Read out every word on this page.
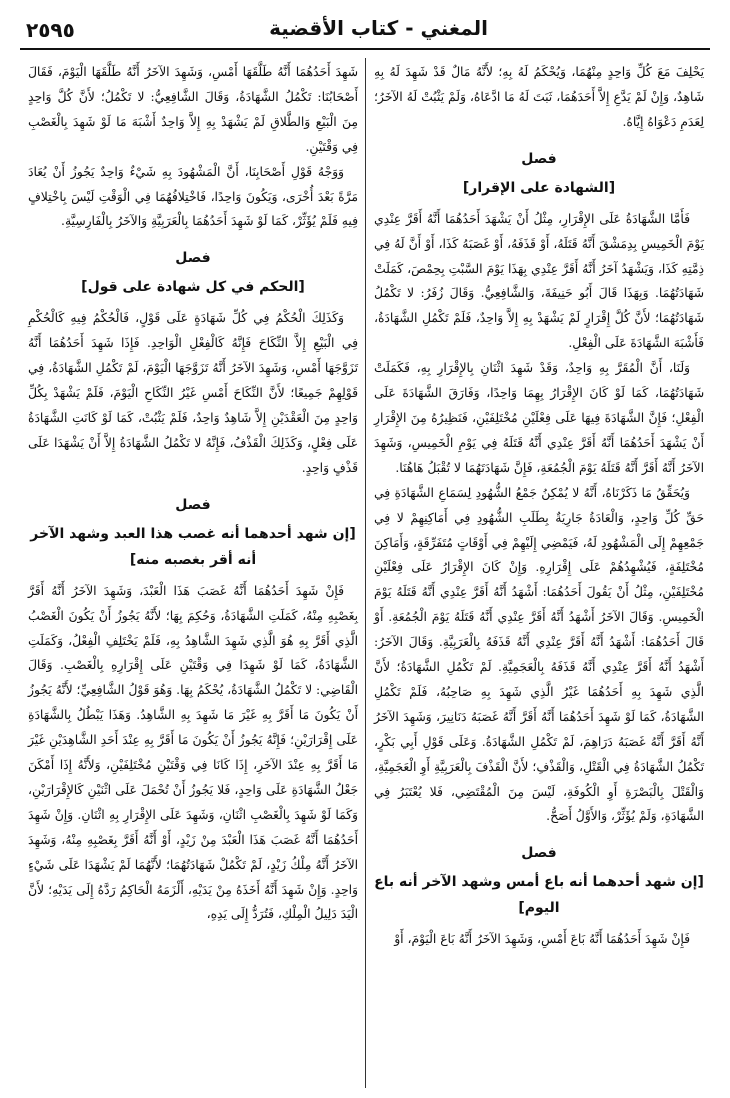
المغني - كتاب الأقضية
٢٥٩٥

يَحْلِفَ مَعَ كُلِّ وَاحِدٍ مِنْهُمَا، وَيُحْكَمُ لَهُ بِهِ؛ لأَنَّهُ مَالٌ قَدْ شَهِدَ لَهُ بِهِ شَاهِدٌ، وَإِنْ لَمْ يَدَّعِ إِلاَّ أَحَدَهُمَا، ثَبَتَ لَهُ مَا ادَّعَاهُ، وَلَمْ يَثْبُتْ لَهُ الآخَرُ؛ لِعَدَمِ دَعْوَاهُ إِيَّاهُ.

فصل
[الشهادة على الإقرار]

فَأَمَّا الشَّهَادَةُ عَلَى الإِقْرَارِ، مِثْلُ أَنْ يَشْهَدَ أَحَدُهُمَا أَنَّهُ أَقَرَّ عِنْدِي يَوْمَ الْخَمِيسِ بِدِمَشْقَ أَنَّهُ قَتَلَهُ، أَوْ قَذَفَهُ، أَوْ غَصَبَهُ كَذَا، أَوْ أَنَّ لَهُ فِي ذِمَّتِهِ كَذَا، وَيَشْهَدُ آخَرُ أَنَّهُ أَقَرَّ عِنْدِي بِهَذَا يَوْمَ السَّبْتِ بِحِمْصَ، كَمَلَتْ شَهَادَتُهُمَا. وَبِهَذَا قَالَ أَبُو حَنِيفَةَ، وَالشَّافِعِيُّ. وَقَالَ زُفَرُ: لا تَكْمُلُ شَهَادَتُهُمَا؛ لأَنَّ كُلَّ إِقْرَارٍ لَمْ يَشْهَدْ بِهِ إِلاَّ وَاحِدٌ، فَلَمْ تَكْمُلِ الشَّهَادَةُ، فَأَشْبَهَ الشَّهَادَةَ عَلَى الْفِعْلِ.

وَلَنَا، أَنَّ الْمُقَرَّ بِهِ وَاحِدٌ، وَقَدْ شَهِدَ اثْنَانِ بِالإِقْرَارِ بِهِ، فَكَمَلَتْ شَهَادَتُهُمَا، كَمَا لَوْ كَانَ الإِقْرَارُ بِهِمَا وَاحِدًا، وَفَارَقَ الشَّهَادَةَ عَلَى الْفِعْلِ؛ فَإِنَّ الشَّهَادَةَ فِيهَا عَلَى فِعْلَيْنِ مُخْتَلِفَيْنِ، فَنَظِيرُهُ مِنَ الإِقْرَارِ أَنْ يَشْهَدَ أَحَدُهُمَا أَنَّهُ أَقَرَّ عِنْدِي أَنَّهُ قَتَلَهُ فِي يَوْمِ الْخَمِيسِ، وَشَهِدَ الآخَرُ أَنَّهُ أَقَرَّ أَنَّهُ قَتَلَهُ يَوْمَ الْجُمُعَةِ، فَإِنَّ شَهَادَتَهُمَا لا تُقْبَلُ هَاهُنَا.

وَيُحَقِّقُ مَا ذَكَرْنَاهُ، أَنَّهُ لا يُمْكِنُ جَمْعُ الشُّهُودِ لِسَمَاعِ الشَّهَادَةِ فِي حَقِّ كُلِّ وَاحِدٍ، وَالْعَادَةُ جَارِيَةٌ بِطَلَبِ الشُّهُودِ فِي أَمَاكِنِهِمْ لا فِي جَمْعِهِمْ إِلَى الْمَشْهُودِ لَهُ، فَيَمْضِي إِلَيْهِمْ فِي أَوْقَاتٍ مُتَفَرِّقَةٍ، وَأَمَاكِنَ مُخْتَلِفَةٍ، فَيُشْهِدُهُمْ عَلَى إِقْرَارِهِ. وَإِنْ كَانَ الإِقْرَارُ عَلَى فِعْلَيْنِ مُخْتَلِفَيْنِ، مِثْلُ أَنْ يَقُولَ أَحَدُهُمَا: أَشْهَدُ أَنَّهُ أَقَرَّ عِنْدِي أَنَّهُ قَتَلَهُ يَوْمَ الْخَمِيسِ. وَقَالَ الآخَرُ أَشْهَدُ أَنَّهُ أَقَرَّ عِنْدِي أَنَّهُ قَتَلَهُ يَوْمَ الْجُمُعَةِ. أَوْ قَالَ أَحَدُهُمَا: أَشْهَدُ أَنَّهُ أَقَرَّ عِنْدِي أَنَّهُ قَذَفَهُ بِالْعَرَبِيَّةِ. وَقَالَ الآخَرُ: أَشْهَدُ أَنَّهُ أَقَرَّ عِنْدِي أَنَّهُ قَذَفَهُ بِالْعَجَمِيَّةِ. لَمْ تَكْمُلِ الشَّهَادَةُ؛ لأَنَّ الَّذِي شَهِدَ بِهِ أَحَدُهُمَا غَيْرُ الَّذِي شَهِدَ بِهِ صَاحِبُهُ، فَلَمْ تَكْمُلِ الشَّهَادَةُ، كَمَا لَوْ شَهِدَ أَحَدُهُمَا أَنَّهُ أَقَرَّ أَنَّهُ غَصَبَهُ دَنَانِيرَ، وَشَهِدَ الآخَرُ أَنَّهُ أَقَرَّ أَنَّهُ غَصَبَهُ دَرَاهِمَ، لَمْ تَكْمُلِ الشَّهَادَةُ. وَعَلَى قَوْلِ أَبِي بَكْرٍ، تَكْمُلُ الشَّهَادَةُ فِي الْقَتْلِ، وَالْقَذْفِ؛ لأَنَّ الْقَذْفَ بِالْعَرَبِيَّةِ أَوِ الْعَجَمِيَّةِ، وَالْقَتْلَ بِالْبَصْرَةِ أَوِ الْكُوفَةِ، لَيْسَ مِنَ الْمُقْتَضِي، فَلا يُعْتَبَرُ فِي الشَّهَادَةِ، وَلَمْ يُؤَثِّرْ، وَالأَوَّلُ أَصَحُّ.

فصل
[إن شهد أحدهما أنه باع أمس وشهد الآخر أنه باع اليوم]

فَإِنْ شَهِدَ أَحَدُهُمَا أَنَّهُ بَاعَ أَمْسِ، وَشَهِدَ الآخَرُ أَنَّهُ بَاعَ الْيَوْمَ، أَوْ

شَهِدَ أَحَدُهُمَا أَنَّهُ طَلَّقَهَا أَمْسِ، وَشَهِدَ الآخَرُ أَنَّهُ طَلَّقَهَا الْيَوْمَ، فَقَالَ أَصْحَابُنَا: تَكْمُلُ الشَّهَادَةُ، وَقَالَ الشَّافِعِيُّ: لا تَكْمُلُ؛ لأَنَّ كُلَّ وَاحِدٍ مِنَ الْبَيْعِ وَالطَّلاقِ لَمْ يَشْهَدْ بِهِ إِلاَّ وَاحِدٌ أَشْبَهَ مَا لَوْ شَهِدَ بِالْغَصْبِ فِي وَقْتَيْنِ.

وَوَجْهُ قَوْلِ أَصْحَابِنَا، أَنَّ الْمَشْهُودَ بِهِ شَيْءٌ وَاحِدٌ يَجُوزُ أَنْ يُعَادَ مَرَّةً بَعْدَ أُخْرَى، وَيَكُونَ وَاحِدًا، فَاخْتِلافُهُمَا فِي الْوَقْتِ لَيْسَ بِاخْتِلافٍ فِيهِ فَلَمْ يُؤَثِّرْ، كَمَا لَوْ شَهِدَ أَحَدُهُمَا بِالْعَرَبِيَّةِ وَالآخَرُ بِالْفَارِسِيَّةِ.

فصل
[الحكم في كل شهادة على قول]

وَكَذَلِكَ الْحُكْمُ فِي كُلِّ شَهَادَةٍ عَلَى قَوْلٍ، فَالْحُكْمُ فِيهِ كَالْحُكْمِ فِي الْبَيْعِ إِلاَّ النِّكَاحَ فَإِنَّهُ كَالْفِعْلِ الْوَاحِدِ. فَإِذَا شَهِدَ أَحَدُهُمَا أَنَّهُ تَزَوَّجَهَا أَمْسِ، وَشَهِدَ الآخَرُ أَنَّهُ تَزَوَّجَهَا الْيَوْمَ، لَمْ تَكْمُلِ الشَّهَادَةُ، فِي قَوْلِهِمْ جَمِيعًا؛ لأَنَّ النِّكَاحَ أَمْسِ غَيْرُ النِّكَاحِ الْيَوْمَ، فَلَمْ يَشْهَدْ بِكُلِّ وَاحِدٍ مِنَ الْعَقْدَيْنِ إِلاَّ شَاهِدٌ وَاحِدٌ، فَلَمْ يَثْبُتْ، كَمَا لَوْ كَانَتِ الشَّهَادَةُ عَلَى فِعْلٍ، وَكَذَلِكَ الْقَذْفُ، فَإِنَّهُ لا تَكْمُلُ الشَّهَادَةُ إِلاَّ أَنْ يَشْهَدَا عَلَى قَذْفٍ وَاحِدٍ.

فصل
[إن شهد أحدهما أنه غصب هذا العبد وشهد الآخر أنه أقر بغصبه منه]

فَإِنْ شَهِدَ أَحَدُهُمَا أَنَّهُ غَصَبَ هَذَا الْعَبْدَ، وَشَهِدَ الآخَرُ أَنَّهُ أَقَرَّ بِغَصْبِهِ مِنْهُ، كَمَلَتِ الشَّهَادَةُ، وَحُكِمَ بِهَا؛ لأَنَّهُ يَجُوزُ أَنْ يَكُونَ الْغَصْبُ الَّذِي أَقَرَّ بِهِ هُوَ الَّذِي شَهِدَ الشَّاهِدُ بِهِ، فَلَمْ يَخْتَلِفِ الْفِعْلُ، وَكَمَلَتِ الشَّهَادَةُ، كَمَا لَوْ شَهِدَا فِي وَقْتَيْنِ عَلَى إِقْرَارِهِ بِالْغَصْبِ. وَقَالَ الْقَاضِي: لا تَكْمُلُ الشَّهَادَةُ، يُحْكَمُ بِهَا. وَهُوَ قَوْلُ الشَّافِعِيِّ؛ لأَنَّهُ يَجُوزُ أَنْ يَكُونَ مَا أَقَرَّ بِهِ غَيْرَ مَا شَهِدَ بِهِ الشَّاهِدُ. وَهَذَا يَبْطُلُ بِالشَّهَادَةِ عَلَى إِقْرَارَيْنِ؛ فَإِنَّهُ يَجُوزُ أَنْ يَكُونَ مَا أَقَرَّ بِهِ عِنْدَ أَحَدِ الشَّاهِدَيْنِ غَيْرَ مَا أَقَرَّ بِهِ عِنْدَ الآخَرِ، إِذَا كَانَا فِي وَقْتَيْنِ مُخْتَلِفَيْنِ، وَلأَنَّهُ إِذَا أَمْكَنَ جَعْلُ الشَّهَادَةِ عَلَى وَاحِدٍ، فَلا يَجُوزُ أَنْ تُحْمَلَ عَلَى اثْنَيْنِ كَالإِقْرَارَيْنِ، وَكَمَا لَوْ شَهِدَ بِالْغَصْبِ اثْنَانِ، وَشَهِدَ عَلَى الإِقْرَارِ بِهِ اثْنَانِ. وَإِنْ شَهِدَ أَحَدُهُمَا أَنَّهُ غَصَبَ هَذَا الْعَبْدَ مِنْ زَيْدٍ، أَوْ أَنَّهُ أَقَرَّ بِغَصْبِهِ مِنْهُ، وَشَهِدَ الآخَرُ أَنَّهُ مِلْكُ زَيْدٍ، لَمْ تَكْمُلْ شَهَادَتُهُمَا؛ لأَنَّهُمَا لَمْ يَشْهَدَا عَلَى شَيْءٍ وَاحِدٍ. وَإِنْ شَهِدَ أَنَّهُ أَخَذَهُ مِنْ يَدَيْهِ، أَلْزَمَهُ الْحَاكِمُ رَدَّهُ إِلَى يَدَيْهِ؛ لأَنَّ الْيَدَ دَلِيلُ الْمِلْكِ، فَتُرَدُّ إِلَى يَدِهِ،
